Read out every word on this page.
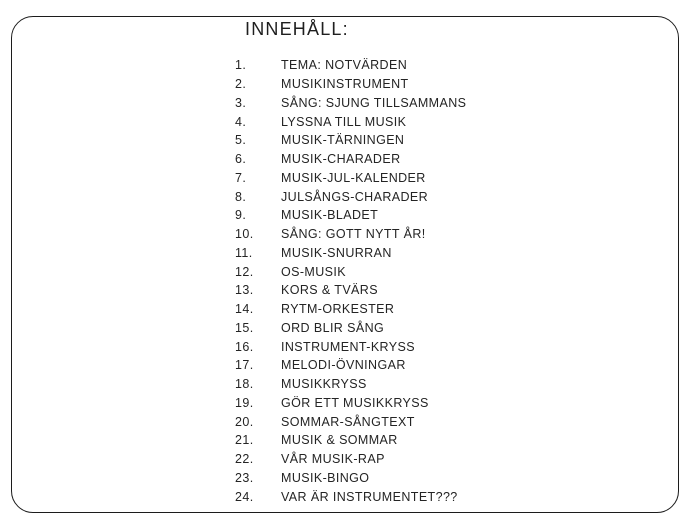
INNEHÅLL:
1.	TEMA: NOTVÄRDEN
2.	MUSIKINSTRUMENT
3.	SÅNG: SJUNG TILLSAMMANS
4.	LYSSNA TILL MUSIK
5.	MUSIK-TÄRNINGEN
6.	MUSIK-CHARADER
7.	MUSIK-JUL-KALENDER
8.	JULSÅNGS-CHARADER
9.	MUSIK-BLADET
10.	SÅNG: GOTT NYTT ÅR!
11.	MUSIK-SNURRAN
12.	OS-MUSIK
13.	KORS & TVÄRS
14.	RYTM-ORKESTER
15.	ORD BLIR SÅNG
16.	INSTRUMENT-KRYSS
17.	MELODI-ÖVNINGAR
18.	MUSIKKRYSS
19.	GÖR ETT MUSIKKRYSS
20.	SOMMAR-SÅNGTEXT
21.	MUSIK & SOMMAR
22.	VÅR MUSIK-RAP
23.	MUSIK-BINGO
24.	VAR ÄR INSTRUMENTET???
